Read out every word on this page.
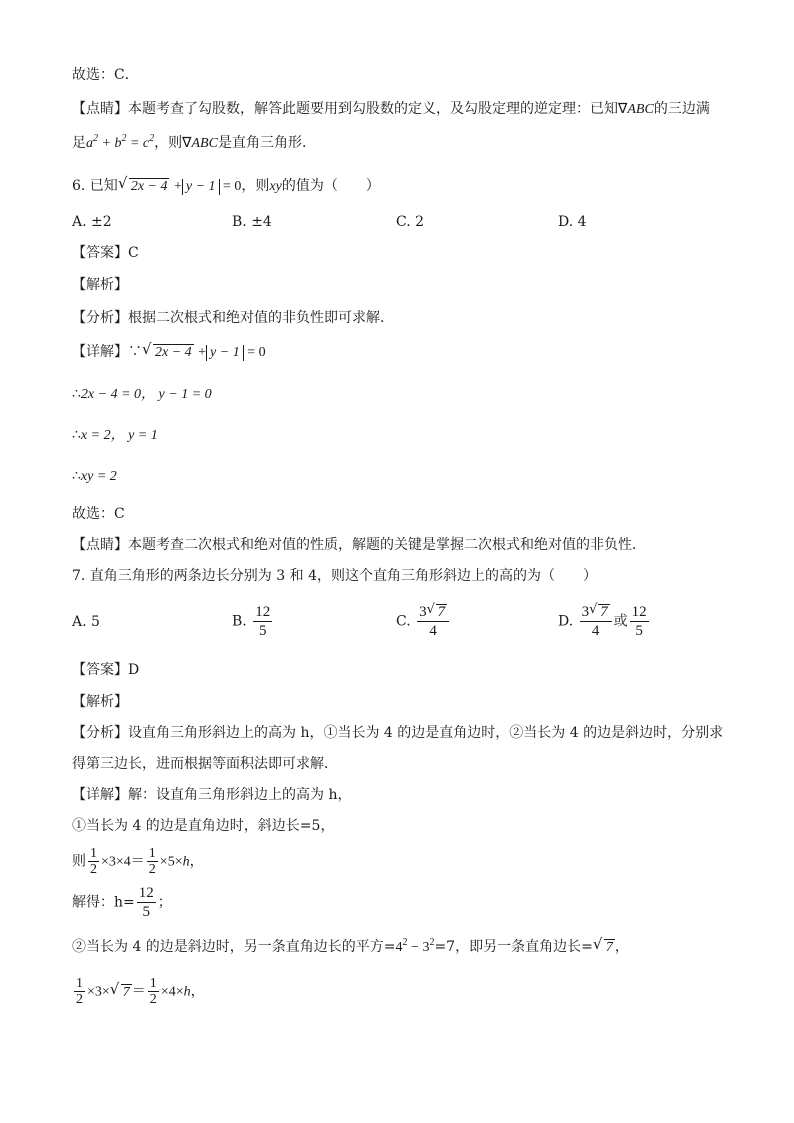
故选：C．
【点睛】本题考查了勾股数，解答此题要用到勾股数的定义，及勾股定理的逆定理：已知∇ABC的三边满
足$a^2 + b^2 = c^2$，则∇ABC是直角三角形．
6. 已知 √ 2x − 4 + y − 1 = 0，则xy的值为（　　）
A. ±2	B. ±4	C. 2	D. 4
【答案】C
【解析】
【分析】根据二次根式和绝对值的非负性即可求解．
【详解】∵ √ 2x − 4 + y − 1 = 0
∴2x − 4 = 0， y − 1 = 0
∴x = 2， y = 1
∴xy = 2
故选：C
【点睛】本题考查二次根式和绝对值的性质，解题的关键是掌握二次根式和绝对值的非负性．
7. 直角三角形的两条边长分别为 3 和 4，则这个直角三角形斜边上的高的为（　　）
A. 5	B. $\frac{12}{5}$	C. $\frac{3 √ 7}{4}$	D. $\frac{3 √ 7}{4}$ 或 $\frac{12}{5}$
【答案】D
【解析】
【分析】设直角三角形斜边上的高为 h，①当长为 4 的边是直角边时，②当长为 4 的边是斜边时，分别求
得第三边长，进而根据等面积法即可求解．
【详解】解：设直角三角形斜边上的高为 h，
①当长为 4 的边是直角边时，斜边长=5，
则 $\frac{1}{2} \times 3\times 4= \frac{1}{2} \times 5\times h$，
解得：$h= \frac{12}{5}$ ；
②当长为 4 的边是斜边时，另一条直角边长的平方$=4^2 - 3^2=7$，即另一条直角边长= √ 7 ，
$\frac{1}{2} \times 3\times$ √ $7 = \frac{1}{2} \times 4\times h$，
